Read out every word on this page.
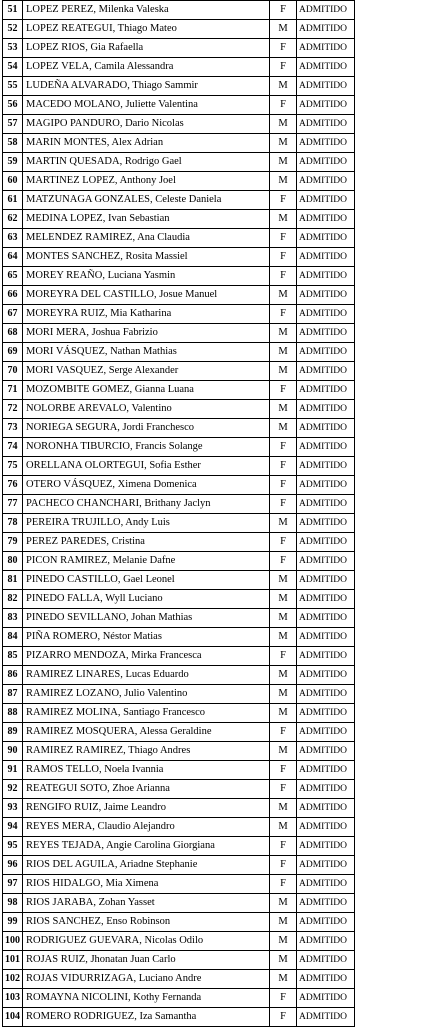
51	LOPEZ PEREZ, Milenka Valeska	F	ADMITIDO
52	LOPEZ REATEGUI, Thiago Mateo	M	ADMITIDO
53	LOPEZ RIOS, Gia Rafaella	F	ADMITIDO
54	LOPEZ VELA, Camila Alessandra	F	ADMITIDO
55	LUDEÑA ALVARADO, Thiago Sammir	M	ADMITIDO
56	MACEDO MOLANO, Juliette Valentina	F	ADMITIDO
57	MAGIPO PANDURO, Dario Nicolas	M	ADMITIDO
58	MARIN MONTES, Alex Adrian	M	ADMITIDO
59	MARTIN QUESADA, Rodrigo Gael	M	ADMITIDO
60	MARTINEZ LOPEZ, Anthony Joel	M	ADMITIDO
61	MATZUNAGA GONZALES, Celeste Daniela	F	ADMITIDO
62	MEDINA LOPEZ, Ivan Sebastian	M	ADMITIDO
63	MELENDEZ RAMIREZ, Ana Claudia	F	ADMITIDO
64	MONTES SANCHEZ, Rosita Massiel	F	ADMITIDO
65	MOREY REAÑO, Luciana Yasmin	F	ADMITIDO
66	MOREYRA DEL CASTILLO, Josue Manuel	M	ADMITIDO
67	MOREYRA RUIZ, Mia Katharina	F	ADMITIDO
68	MORI MERA, Joshua Fabrizio	M	ADMITIDO
69	MORI VÁSQUEZ, Nathan Mathias	M	ADMITIDO
70	MORI VASQUEZ, Serge Alexander	M	ADMITIDO
71	MOZOMBITE GOMEZ, Gianna Luana	F	ADMITIDO
72	NOLORBE AREVALO, Valentino	M	ADMITIDO
73	NORIEGA SEGURA, Jordi Franchesco	M	ADMITIDO
74	NORONHA TIBURCIO, Francis Solange	F	ADMITIDO
75	ORELLANA OLORTEGUI, Sofia Esther	F	ADMITIDO
76	OTERO VÁSQUEZ, Ximena Domenica	F	ADMITIDO
77	PACHECO CHANCHARI, Brithany Jaclyn	F	ADMITIDO
78	PEREIRA TRUJILLO, Andy Luis	M	ADMITIDO
79	PEREZ PAREDES, Cristina	F	ADMITIDO
80	PICON RAMIREZ, Melanie Dafne	F	ADMITIDO
81	PINEDO CASTILLO, Gael Leonel	M	ADMITIDO
82	PINEDO FALLA, Wyll Luciano	M	ADMITIDO
83	PINEDO SEVILLANO, Johan Mathias	M	ADMITIDO
84	PIÑA ROMERO, Néstor Matias	M	ADMITIDO
85	PIZARRO MENDOZA, Mirka Francesca	F	ADMITIDO
86	RAMIREZ LINARES, Lucas Eduardo	M	ADMITIDO
87	RAMIREZ LOZANO, Julio Valentino	M	ADMITIDO
88	RAMIREZ MOLINA, Santiago Francesco	M	ADMITIDO
89	RAMIREZ MOSQUERA, Alessa Geraldine	F	ADMITIDO
90	RAMIREZ RAMIREZ, Thiago Andres	M	ADMITIDO
91	RAMOS TELLO, Noela Ivannia	F	ADMITIDO
92	REATEGUI SOTO, Zhoe Arianna	F	ADMITIDO
93	RENGIFO RUIZ, Jaime Leandro	M	ADMITIDO
94	REYES MERA, Claudio Alejandro	M	ADMITIDO
95	REYES TEJADA, Angie Carolina Giorgiana	F	ADMITIDO
96	RIOS DEL AGUILA, Ariadne Stephanie	F	ADMITIDO
97	RIOS HIDALGO, Mia Ximena	F	ADMITIDO
98	RIOS JARABA, Zohan Yasset	M	ADMITIDO
99	RIOS SANCHEZ, Enso Robinson	M	ADMITIDO
100	RODRIGUEZ GUEVARA, Nicolas Odilo	M	ADMITIDO
101	ROJAS RUIZ, Jhonatan Juan Carlo	M	ADMITIDO
102	ROJAS VIDURRIZAGA, Luciano Andre	M	ADMITIDO
103	ROMAYNA NICOLINI, Kothy Fernanda	F	ADMITIDO
104	ROMERO RODRIGUEZ, Iza Samantha	F	ADMITIDO
